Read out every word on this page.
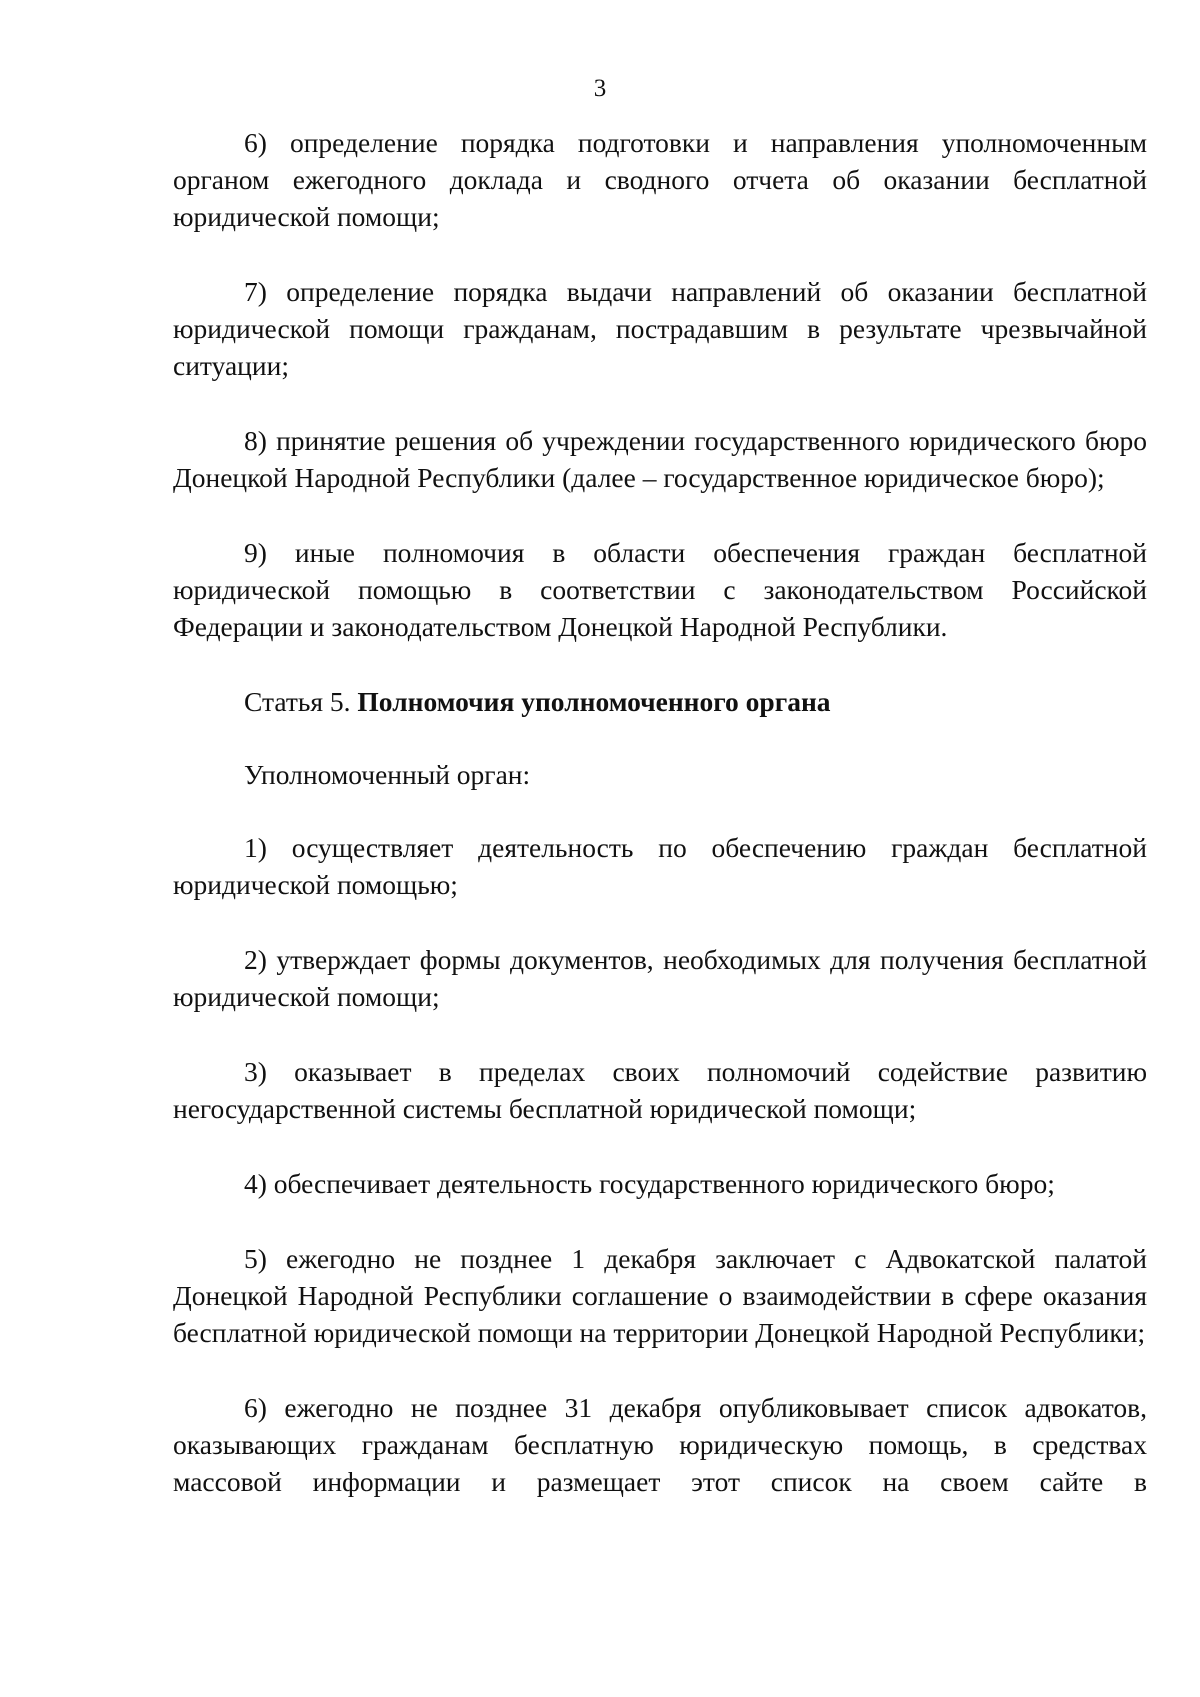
3

6) определение порядка подготовки и направления уполномоченным органом ежегодного доклада и сводного отчета об оказании бесплатной юридической помощи;

7) определение порядка выдачи направлений об оказании бесплатной юридической помощи гражданам, пострадавшим в результате чрезвычайной ситуации;

8) принятие решения об учреждении государственного юридического бюро Донецкой Народной Республики (далее – государственное юридическое бюро);

9) иные полномочия в области обеспечения граждан бесплатной юридической помощью в соответствии с законодательством Российской Федерации и законодательством Донецкой Народной Республики.

Статья 5. Полномочия уполномоченного органа

Уполномоченный орган:

1) осуществляет деятельность по обеспечению граждан бесплатной юридической помощью;

2) утверждает формы документов, необходимых для получения бесплатной юридической помощи;

3) оказывает в пределах своих полномочий содействие развитию негосударственной системы бесплатной юридической помощи;

4) обеспечивает деятельность государственного юридического бюро;

5) ежегодно не позднее 1 декабря заключает с Адвокатской палатой Донецкой Народной Республики соглашение о взаимодействии в сфере оказания бесплатной юридической помощи на территории Донецкой Народной Республики;

6) ежегодно не позднее 31 декабря опубликовывает список адвокатов, оказывающих гражданам бесплатную юридическую помощь, в средствах массовой информации и размещает этот список на своем сайте в
